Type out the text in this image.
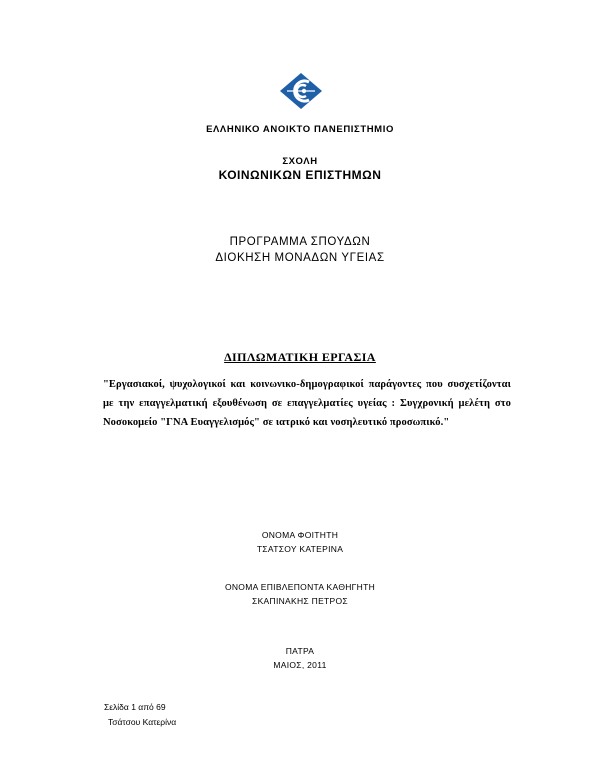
ΕΛΛΗΝΙΚΟ ΑΝΟΙΚΤΟ ΠΑΝΕΠΙΣΤΗΜΙΟ
ΣΧΟΛΗ
ΚΟΙΝΩΝΙΚΩΝ ΕΠΙΣΤΗΜΩΝ
ΠΡΟΓΡΑΜΜΑ ΣΠΟΥΔΩΝ
ΔΙΟΚΗΣΗ ΜΟΝΑΔΩΝ ΥΓΕΙΑΣ
ΔΙΠΛΩΜΑΤΙΚΗ ΕΡΓΑΣΙΑ
"Εργασιακοί, ψυχολογικοί και κοινωνικο-δημογραφικοί παράγοντες που συσχετίζονται με την επαγγελματική εξουθένωση σε επαγγελματίες υγείας : Συγχρονική μελέτη στο Νοσοκομείο "ΓΝΑ Ευαγγελισμός" σε ιατρικό και νοσηλευτικό προσωπικό."
ΟΝΟΜΑ ΦΟΙΤΗΤΗ
ΤΣΑΤΣΟΥ ΚΑΤΕΡΙΝΑ
ΟΝΟΜΑ ΕΠΙΒΛΕΠΟΝΤΑ ΚΑΘΗΓΗΤΗ
ΣΚΑΠΙΝΑΚΗΣ ΠΕΤΡΟΣ
ΠΑΤΡΑ
ΜΑΙΟΣ, 2011
Σελίδα 1 από 69
Τσάτσου Κατερίνα
